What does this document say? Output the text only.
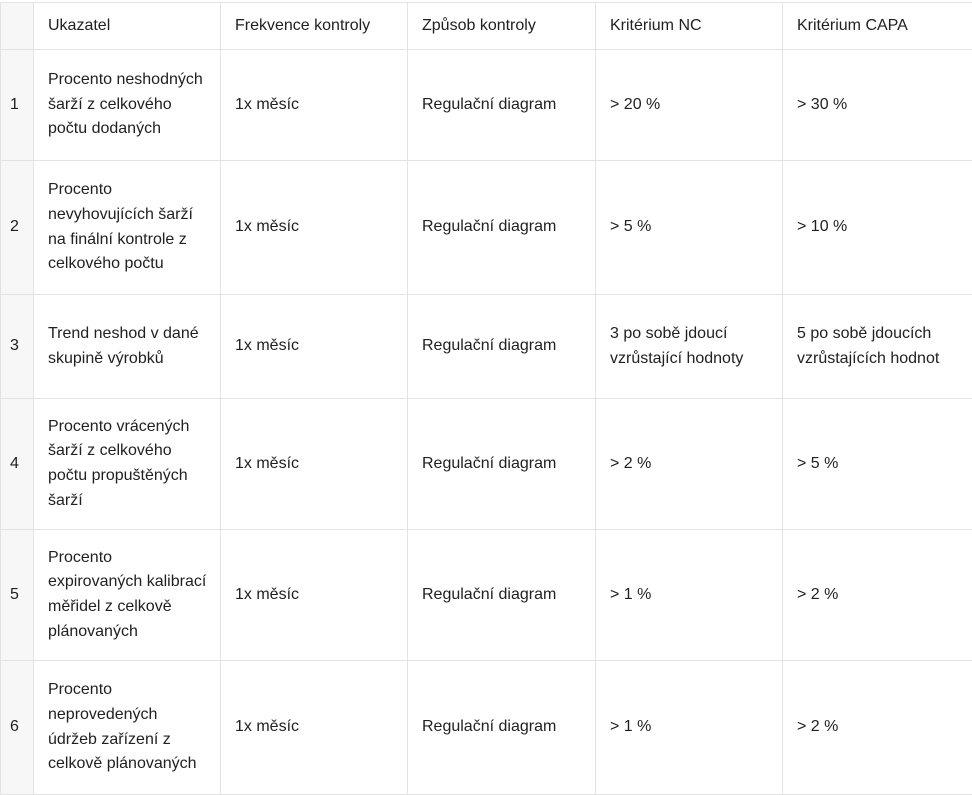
	Ukazatel	Frekvence kontroly	Způsob kontroly	Kritérium NC	Kritérium CAPA
1	Procento neshodných šarží z celkového počtu dodaných	1x měsíc	Regulační diagram	> 20 %	> 30 %
2	Procento nevyhovujících šarží na finální kontrole z celkového počtu	1x měsíc	Regulační diagram	> 5 %	> 10 %
3	Trend neshod v dané skupině výrobků	1x měsíc	Regulační diagram	3 po sobě jdoucí vzrůstající hodnoty	5 po sobě jdoucích vzrůstajících hodnot
4	Procento vrácených šarží z celkového počtu propuštěných šarží	1x měsíc	Regulační diagram	> 2 %	> 5 %
5	Procento expirovaných kalibrací měřidel z celkově plánovaných	1x měsíc	Regulační diagram	> 1 %	> 2 %
6	Procento neprovedených údržeb zařízení z celkově plánovaných	1x měsíc	Regulační diagram	> 1 %	> 2 %
